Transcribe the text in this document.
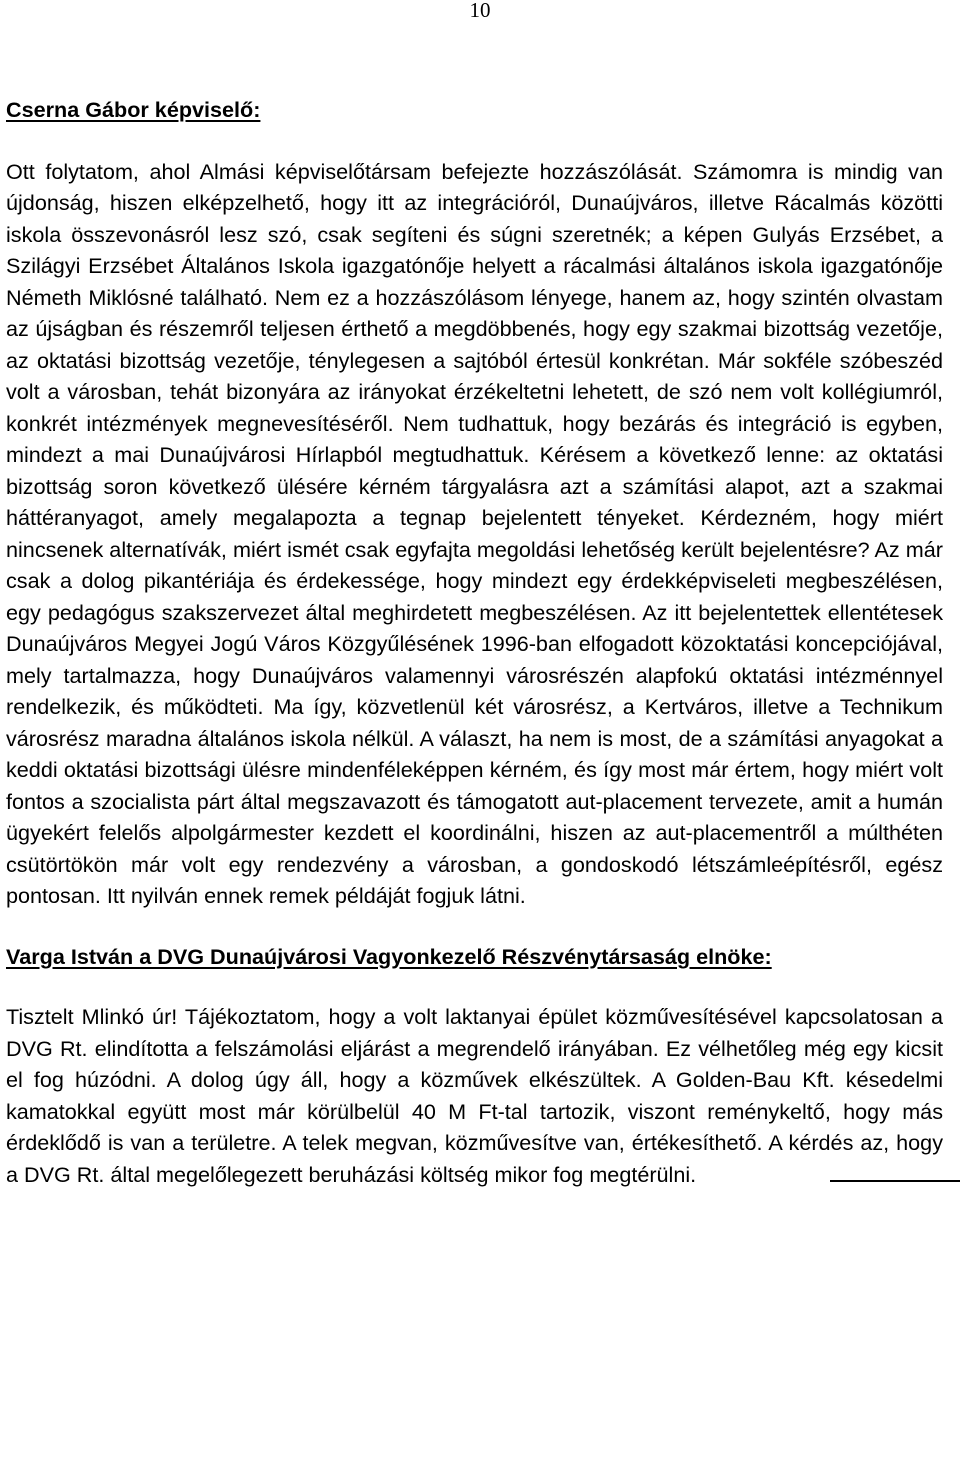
10

Cserna Gábor képviselő:

Ott folytatom, ahol Almási képviselőtársam befejezte hozzászólását. Számomra is mindig van újdonság, hiszen elképzelhető, hogy itt az integrációról, Dunaújváros, illetve Rácalmás közötti iskola összevonásról lesz szó, csak segíteni és súgni szeretnék; a képen Gulyás Erzsébet, a Szilágyi Erzsébet Általános Iskola igazgatónője helyett a rácalmási általános iskola igazgatónője Németh Miklósné található. Nem ez a hozzászólásom lényege, hanem az, hogy szintén olvastam az újságban és részemről teljesen érthető a megdöbbenés, hogy egy szakmai bizottság vezetője, az oktatási bizottság vezetője, ténylegesen a sajtóból értesül konkrétan. Már sokféle szóbeszéd volt a városban, tehát bizonyára az irányokat érzékeltetni lehetett, de szó nem volt kollégiumról, konkrét intézmények megnevesítéséről. Nem tudhattuk, hogy bezárás és integráció is egyben, mindezt a mai Dunaújvárosi Hírlapból megtudhattuk. Kérésem a következő lenne: az oktatási bizottság soron következő ülésére kérném tárgyalásra azt a számítási alapot, azt a szakmai háttéranyagot, amely megalapozta a tegnap bejelentett tényeket. Kérdezném, hogy miért nincsenek alternatívák, miért ismét csak egyfajta megoldási lehetőség került bejelentésre? Az már csak a dolog pikantériája és érdekessége, hogy mindezt egy érdekképviseleti megbeszélésen, egy pedagógus szakszervezet által meghirdetett megbeszélésen. Az itt bejelentettek ellentétesek Dunaújváros Megyei Jogú Város Közgyűlésének 1996-ban elfogadott közoktatási koncepciójával, mely tartalmazza, hogy Dunaújváros valamennyi városrészén alapfokú oktatási intézménnyel rendelkezik, és működteti. Ma így, közvetlenül két városrész, a Kertváros, illetve a Technikum városrész maradna általános iskola nélkül. A választ, ha nem is most, de a számítási anyagokat a keddi oktatási bizottsági ülésre mindenféleképpen kérném, és így most már értem, hogy miért volt fontos a szocialista párt által megszavazott és támogatott aut-placement tervezete, amit a humán ügyekért felelős alpolgármester kezdett el koordinálni, hiszen az aut-placementről a múlthéten csütörtökön már volt egy rendezvény a városban, a gondoskodó létszámleépítésről, egész pontosan. Itt nyilván ennek remek példáját fogjuk látni.

Varga István a DVG Dunaújvárosi Vagyonkezelő Részvénytársaság elnöke:

Tisztelt Mlinkó úr! Tájékoztatom, hogy a volt laktanyai épület közművesítésével kapcsolatosan a DVG Rt. elindította a felszámolási eljárást a megrendelő irányában. Ez vélhetőleg még egy kicsit el fog húzódni. A dolog úgy áll, hogy a közművek elkészültek. A Golden-Bau Kft. késedelmi kamatokkal együtt most már körülbelül 40 M Ft-tal tartozik, viszont reménykeltő, hogy más érdeklődő is van a területre. A telek megvan, közművesítve van, értékesíthető. A kérdés az, hogy a DVG Rt. által megelőlegezett beruházási költség mikor fog megtérülni.
